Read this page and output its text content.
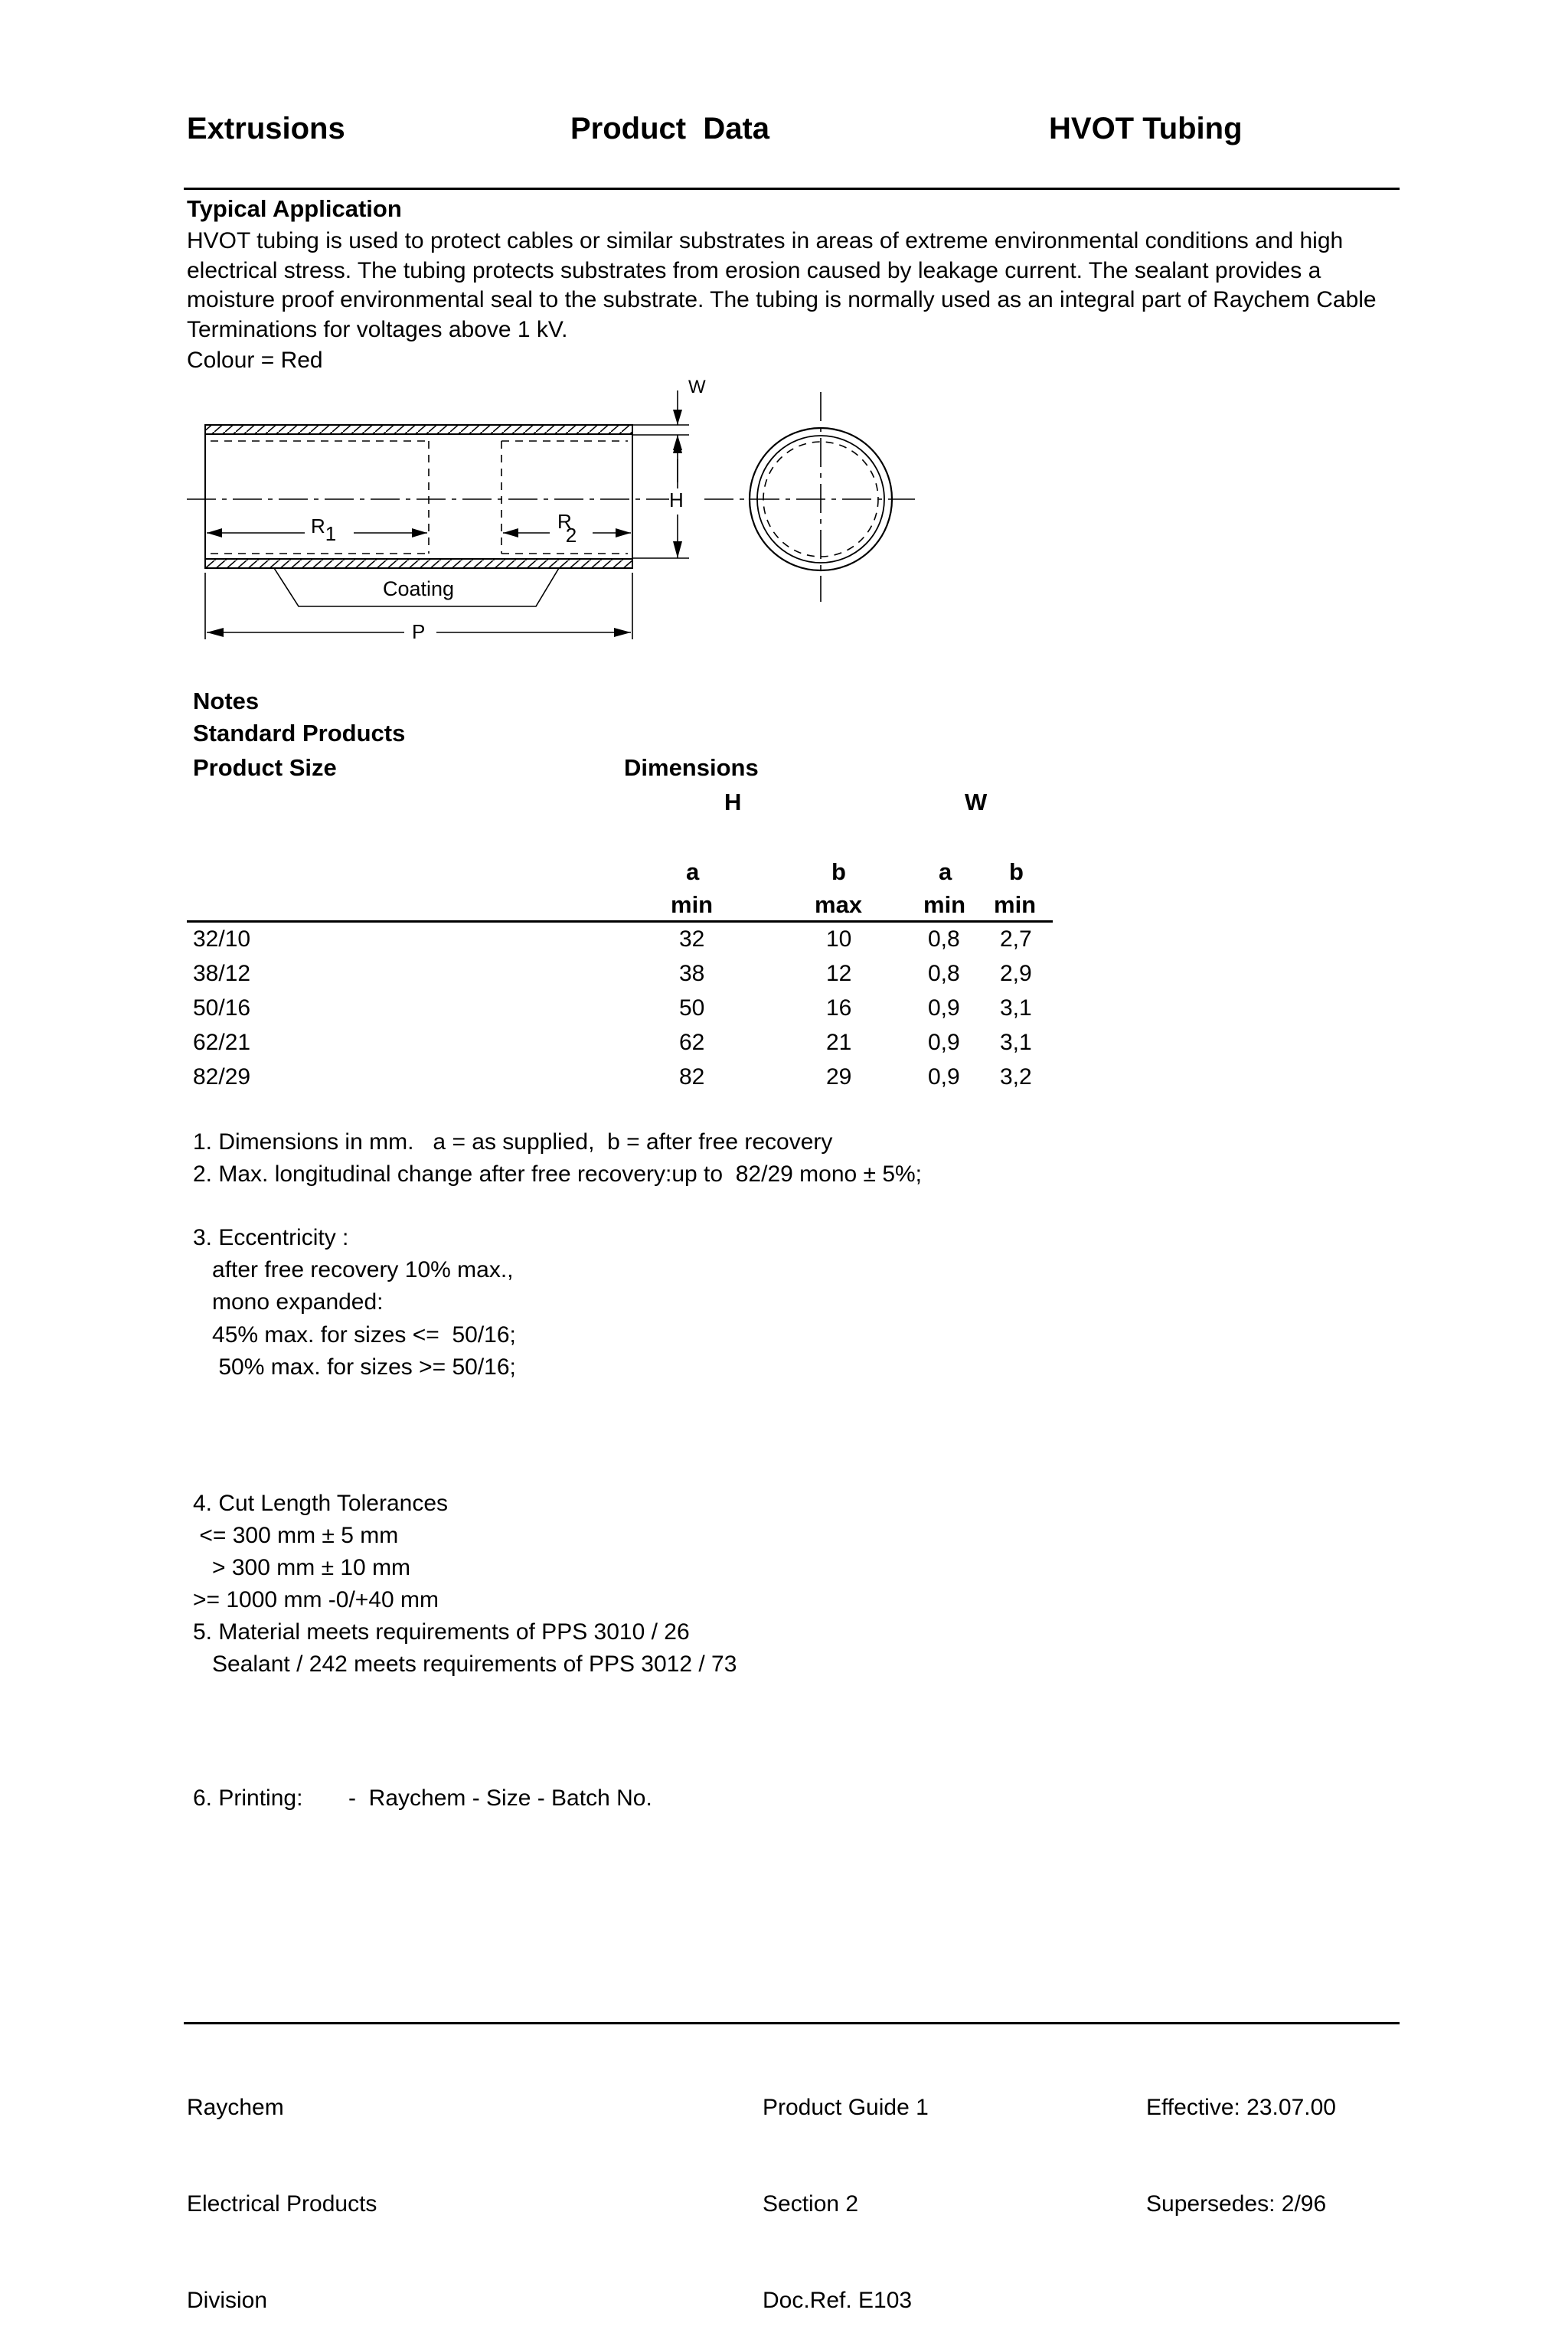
Extrusions	Product  Data	HVOT Tubing
Typical Application
HVOT tubing is used to protect cables or similar substrates in areas of extreme environmental conditions and high electrical stress. The tubing protects substrates from erosion caused by leakage current. The sealant provides a moisture proof environmental seal to the substrate. The tubing is normally used as an integral part of Raychem Cable Terminations for voltages above 1 kV.
Colour = Red
W
H
R1
R2
Coating
P
Notes
Standard Products
Product Size	Dimensions
H	W
a	b	a b
min	max	min min
32/10	32	10	0,8 2,7
38/12	38	12	0,8 2,9
50/16	50	16	0,9 3,1
62/21	62	21	0,9 3,1
82/29	82	29	0,9 3,2
1. Dimensions in mm.   a = as supplied,  b = after free recovery
2. Max. longitudinal change after free recovery:up to  82/29 mono ± 5%;
3. Eccentricity :
after free recovery 10% max.,
mono expanded:
45% max. for sizes <=  50/16;
50% max. for sizes >= 50/16;
4. Cut Length Tolerances
<= 300 mm ± 5 mm
> 300 mm ± 10 mm
>= 1000 mm -0/+40 mm
5. Material meets requirements of PPS 3010 / 26
Sealant / 242 meets requirements of PPS 3012 / 73
6. Printing: -  Raychem - Size - Batch No.

Raychem

Electrical Products

Division

Product Guide 1

Section 2

Doc.Ref. E103

Effective: 23.07.00

Supersedes: 2/96
